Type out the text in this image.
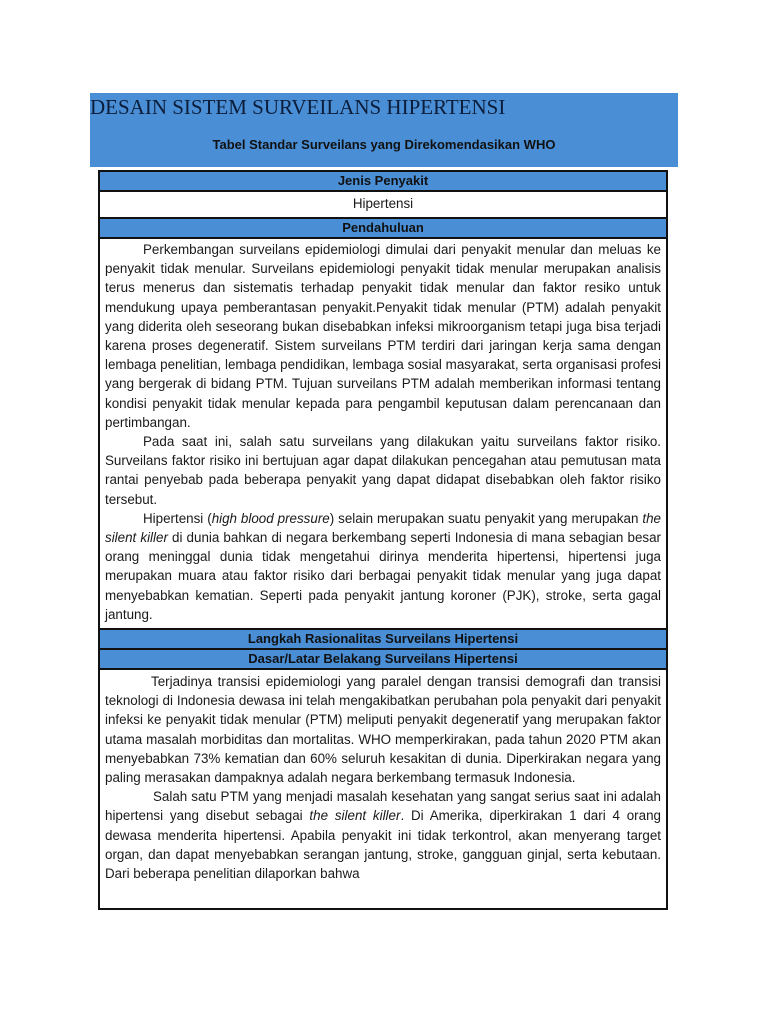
DESAIN SISTEM SURVEILANS HIPERTENSI
Tabel Standar Surveilans yang Direkomendasikan WHO
Jenis Penyakit
Hipertensi
Pendahuluan

Perkembangan surveilans epidemiologi dimulai dari penyakit menular dan meluas ke penyakit tidak menular. Surveilans epidemiologi penyakit tidak menular merupakan analisis terus menerus dan sistematis terhadap penyakit tidak menular dan faktor resiko untuk mendukung upaya pemberantasan penyakit.Penyakit tidak menular (PTM) adalah penyakit yang diderita oleh seseorang bukan disebabkan infeksi mikroorganism tetapi juga bisa terjadi karena proses degeneratif. Sistem surveilans PTM terdiri dari jaringan kerja sama dengan lembaga penelitian, lembaga pendidikan, lembaga sosial masyarakat, serta organisasi profesi yang bergerak di bidang PTM. Tujuan surveilans PTM adalah memberikan informasi tentang kondisi penyakit tidak menular kepada para pengambil keputusan dalam perencanaan dan pertimbangan.

Pada saat ini, salah satu surveilans yang dilakukan yaitu surveilans faktor risiko. Surveilans faktor risiko ini bertujuan agar dapat dilakukan pencegahan atau pemutusan mata rantai penyebab pada beberapa penyakit yang dapat didapat disebabkan oleh faktor risiko tersebut.

Hipertensi (high blood pressure) selain merupakan suatu penyakit yang merupakan the silent killer di dunia bahkan di negara berkembang seperti Indonesia di mana sebagian besar orang meninggal dunia tidak mengetahui dirinya menderita hipertensi, hipertensi juga merupakan muara atau faktor risiko dari berbagai penyakit tidak menular yang juga dapat menyebabkan kematian. Seperti pada penyakit jantung koroner (PJK), stroke, serta gagal jantung.

Langkah Rasionalitas Surveilans Hipertensi
Dasar/Latar Belakang Surveilans Hipertensi

Terjadinya transisi epidemiologi yang paralel dengan transisi demografi dan transisi teknologi di Indonesia dewasa ini telah mengakibatkan perubahan pola penyakit dari penyakit infeksi ke penyakit tidak menular (PTM) meliputi penyakit degeneratif yang merupakan faktor utama masalah morbiditas dan mortalitas. WHO memperkirakan, pada tahun 2020 PTM akan menyebabkan 73% kematian dan 60% seluruh kesakitan di dunia. Diperkirakan negara yang paling merasakan dampaknya adalah negara berkembang termasuk Indonesia.

Salah satu PTM yang menjadi masalah kesehatan yang sangat serius saat ini adalah hipertensi yang disebut sebagai the silent killer. Di Amerika, diperkirakan 1 dari 4 orang dewasa menderita hipertensi. Apabila penyakit ini tidak terkontrol, akan menyerang target organ, dan dapat menyebabkan serangan jantung, stroke, gangguan ginjal, serta kebutaan. Dari beberapa penelitian dilaporkan bahwa
